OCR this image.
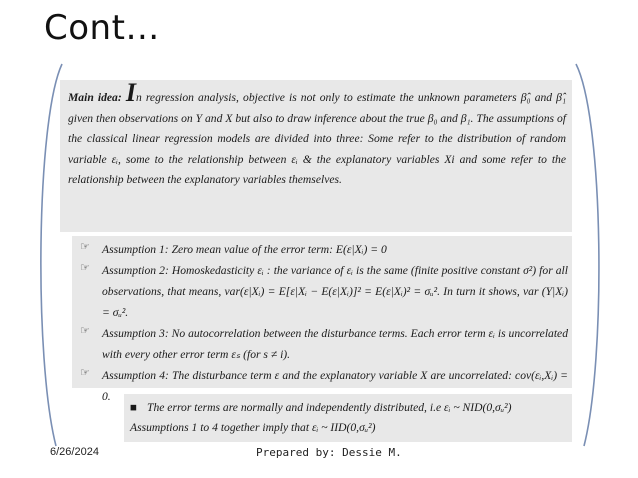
Cont…
Main idea: In regression analysis, objective is not only to estimate the unknown parameters β̂₀ and β̂₁ given then observations on Y and X but also to draw inference about the true β₀ and β₁. The assumptions of the classical linear regression models are divided into three: Some refer to the distribution of random variable εᵢ, some to the relationship between εᵢ & the explanatory variables Xi and some refer to the relationship between the explanatory variables themselves.
☞ Assumption 1: Zero mean value of the error term: E(ε|Xᵢ) = 0
☞ Assumption 2: Homoskedasticity εᵢ : the variance of εᵢ is the same (finite positive constant σ²) for all observations, that means, var(ε|Xᵢ) = E[ε|Xᵢ − E(ε|Xᵢ)]² = E(ε|Xᵢ)² = σᵤ². In turn it shows, var (Y|Xᵢ) = σᵤ².
☞ Assumption 3: No autocorrelation between the disturbance terms. Each error term εᵢ is uncorrelated with every other error term εₛ (for s ≠ i).
☞ Assumption 4: The disturbance term ε and the explanatory variable X are uncorrelated: cov(εᵢ,Xᵢ) = 0.
■ The error terms are normally and independently distributed, i.e εᵢ ~ NID(0,σᵤ²) Assumptions 1 to 4 together imply that εᵢ ~ IID(0,σᵤ²)
6/26/2024	Prepared by: Dessie M.
